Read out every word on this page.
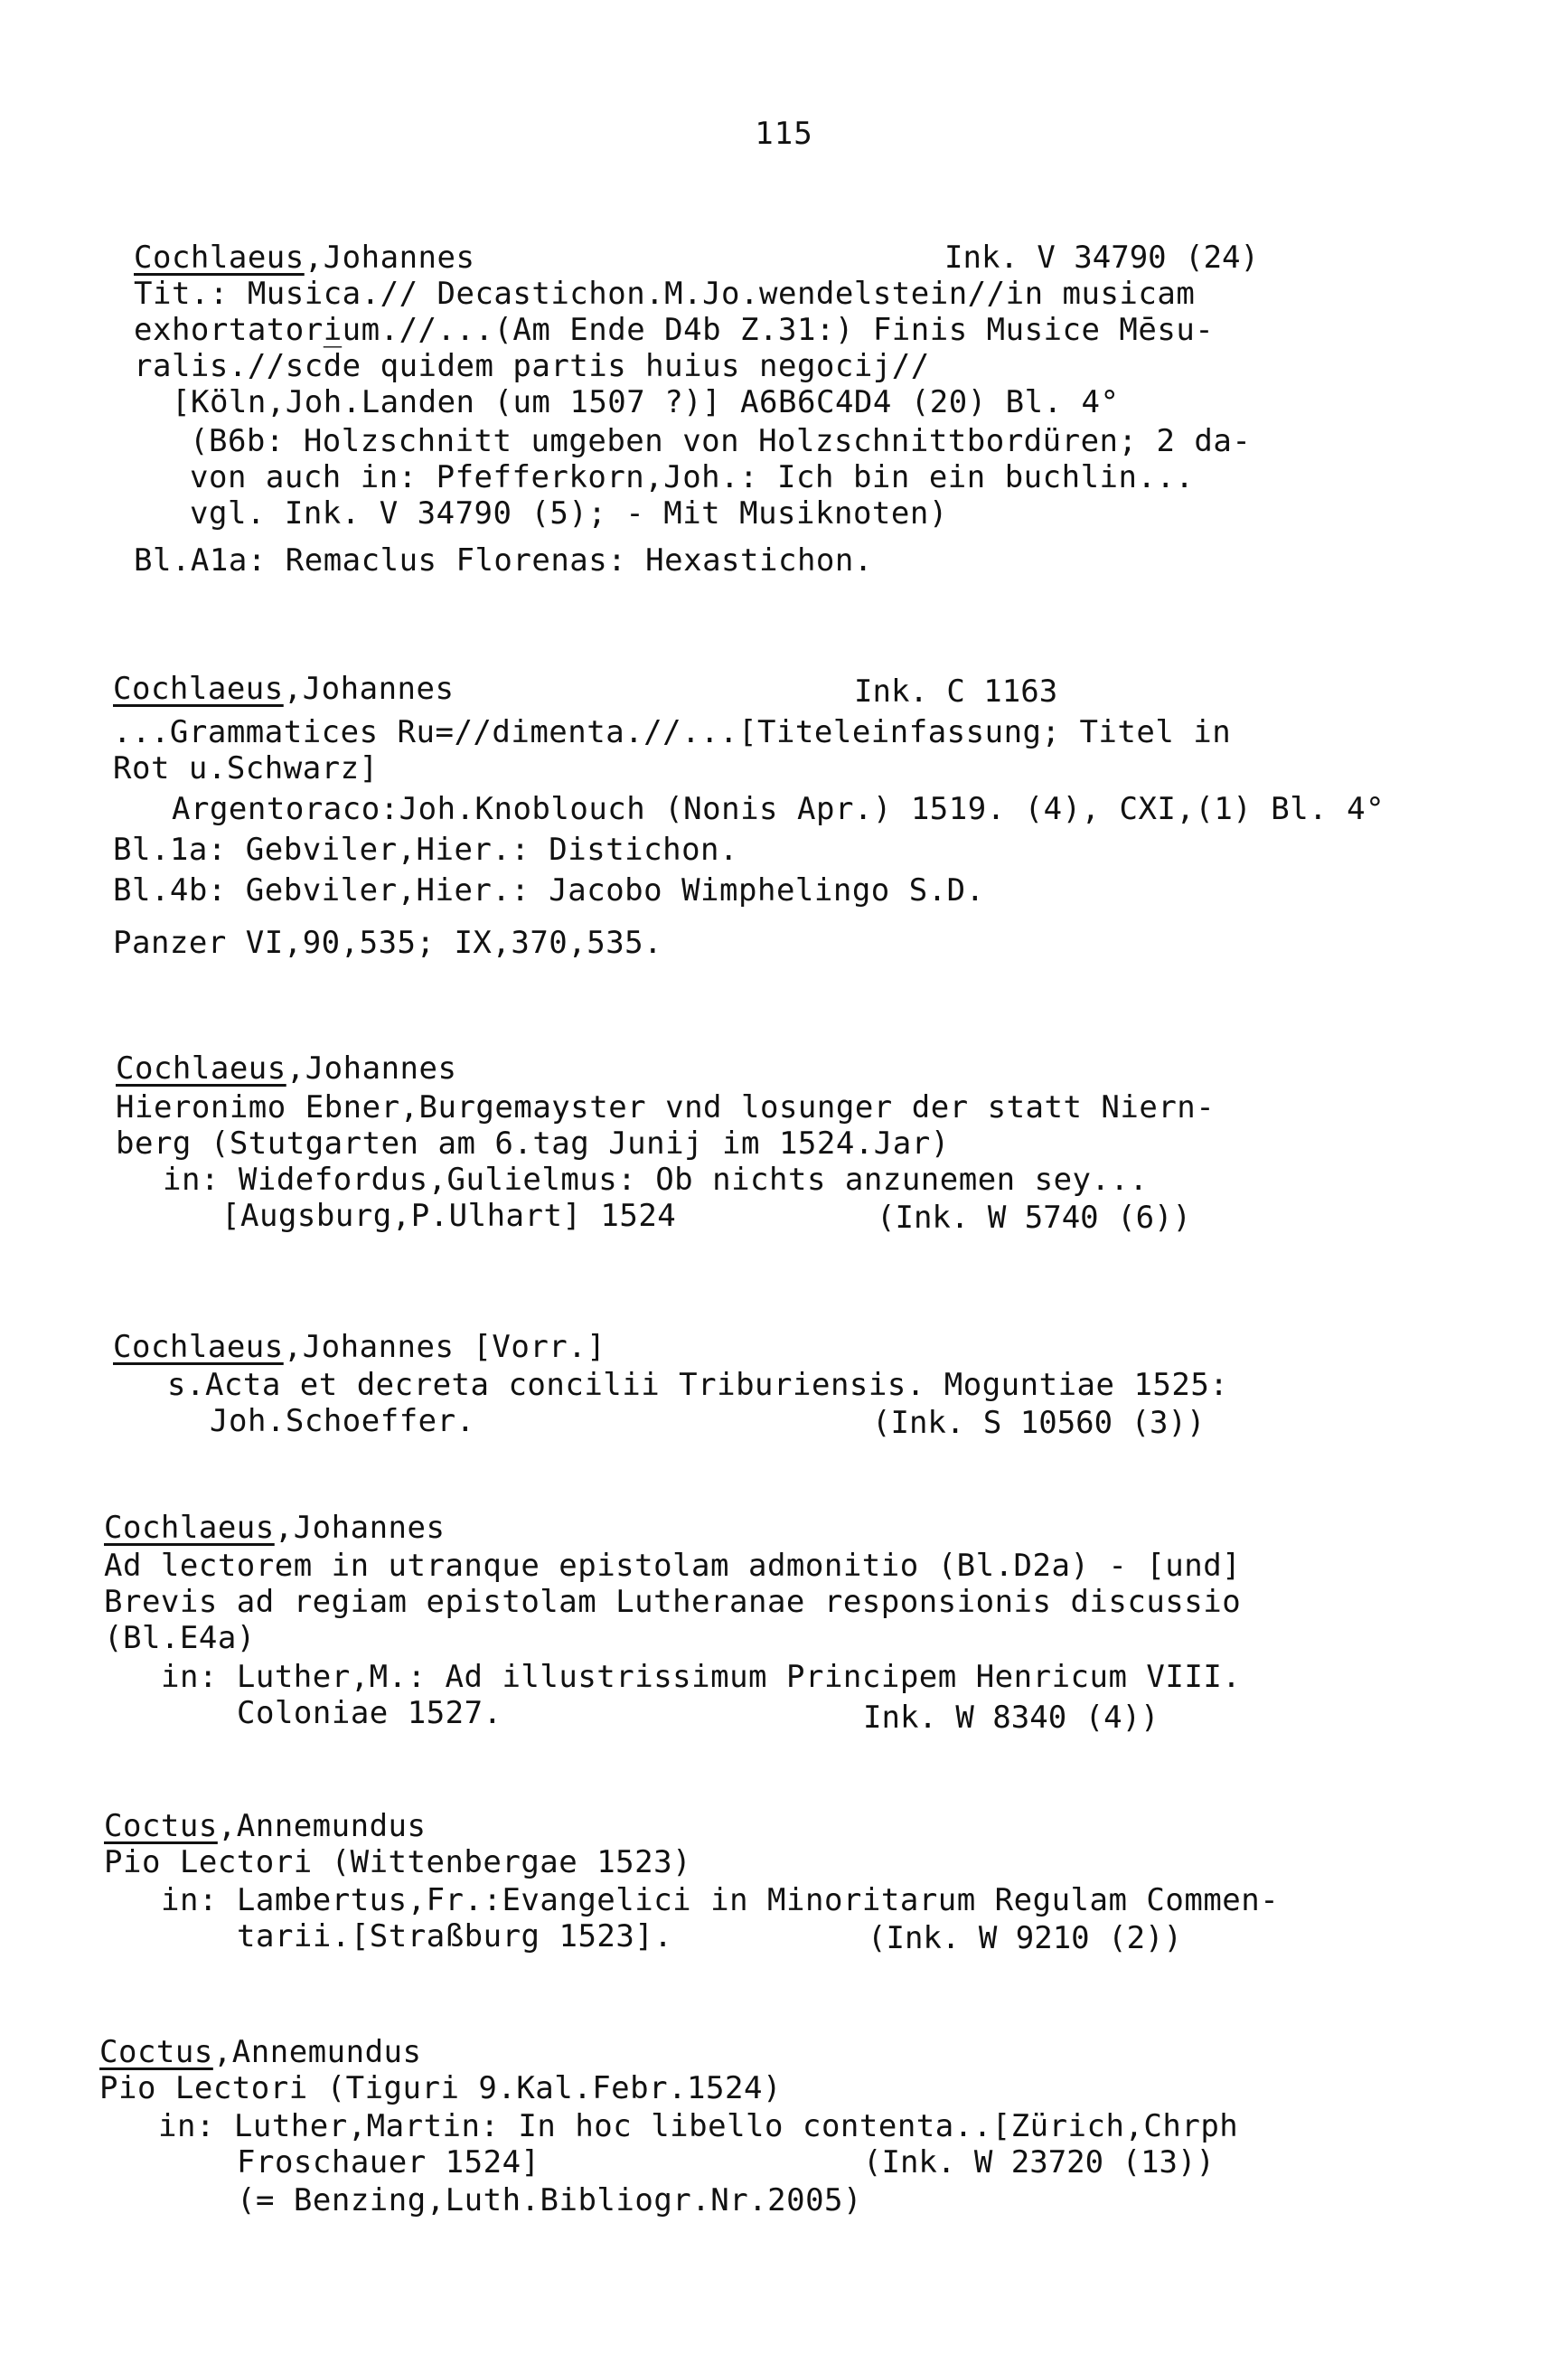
115
Cochlaeus,Johannes	Ink. V 34790 (24)
Tit.: Musica.// Decastichon.M.Jo.wendelstein//in musicam
exhortatorium.//...(Am Ende D4b Z.31:) Finis Musice Mēsu-
ralis.//scd̅e quidem partis huius negocij//
[Köln,Joh.Landen (um 1507 ?)] A6B6C4D4 (20) Bl. 4°
(B6b: Holzschnitt umgeben von Holzschnittbordüren; 2 da-
von auch in: Pfefferkorn,Joh.: Ich bin ein buchlin...
vgl. Ink. V 34790 (5); - Mit Musiknoten)
Bl.A1a: Remaclus Florenas: Hexastichon.
Cochlaeus,Johannes	Ink. C 1163
...Grammatices Ru=//dimenta.//...[Titeleinfassung; Titel in
Rot u.Schwarz]
Argentoraco:Joh.Knoblouch (Nonis Apr.) 1519. (4), CXI,(1) Bl. 4°
Bl.1a: Gebviler,Hier.: Distichon.
Bl.4b: Gebviler,Hier.: Jacobo Wimphelingo S.D.
Panzer VI,90,535; IX,370,535.
Cochlaeus,Johannes
Hieronimo Ebner,Burgemayster vnd losunger der statt Niern-
berg (Stutgarten am 6.tag Junij im 1524.Jar)
in: Widefordus,Gulielmus: Ob nichts anzunemen sey...
[Augsburg,P.Ulhart] 1524	(Ink. W 5740 (6))
Cochlaeus,Johannes [Vorr.]
s.Acta et decreta concilii Triburiensis. Moguntiae 1525:
Joh.Schoeffer.	(Ink. S 10560 (3))
Cochlaeus,Johannes
Ad lectorem in utranque epistolam admonitio (Bl.D2a) - [und]
Brevis ad regiam epistolam Lutheranae responsionis discussio
(Bl.E4a)
in: Luther,M.: Ad illustrissimum Principem Henricum VIII.
Coloniae 1527.	Ink. W 8340 (4))
Coctus,Annemundus
Pio Lectori (Wittenbergae 1523)
in: Lambertus,Fr.:Evangelici in Minoritarum Regulam Commen-
tarii.[Straßburg 1523].	(Ink. W 9210 (2))
Coctus,Annemundus
Pio Lectori (Tiguri 9.Kal.Febr.1524)
in: Luther,Martin: In hoc libello contenta..[Zürich,Chrph
Froschauer 1524]	(Ink. W 23720 (13))
(= Benzing,Luth.Bibliogr.Nr.2005)
